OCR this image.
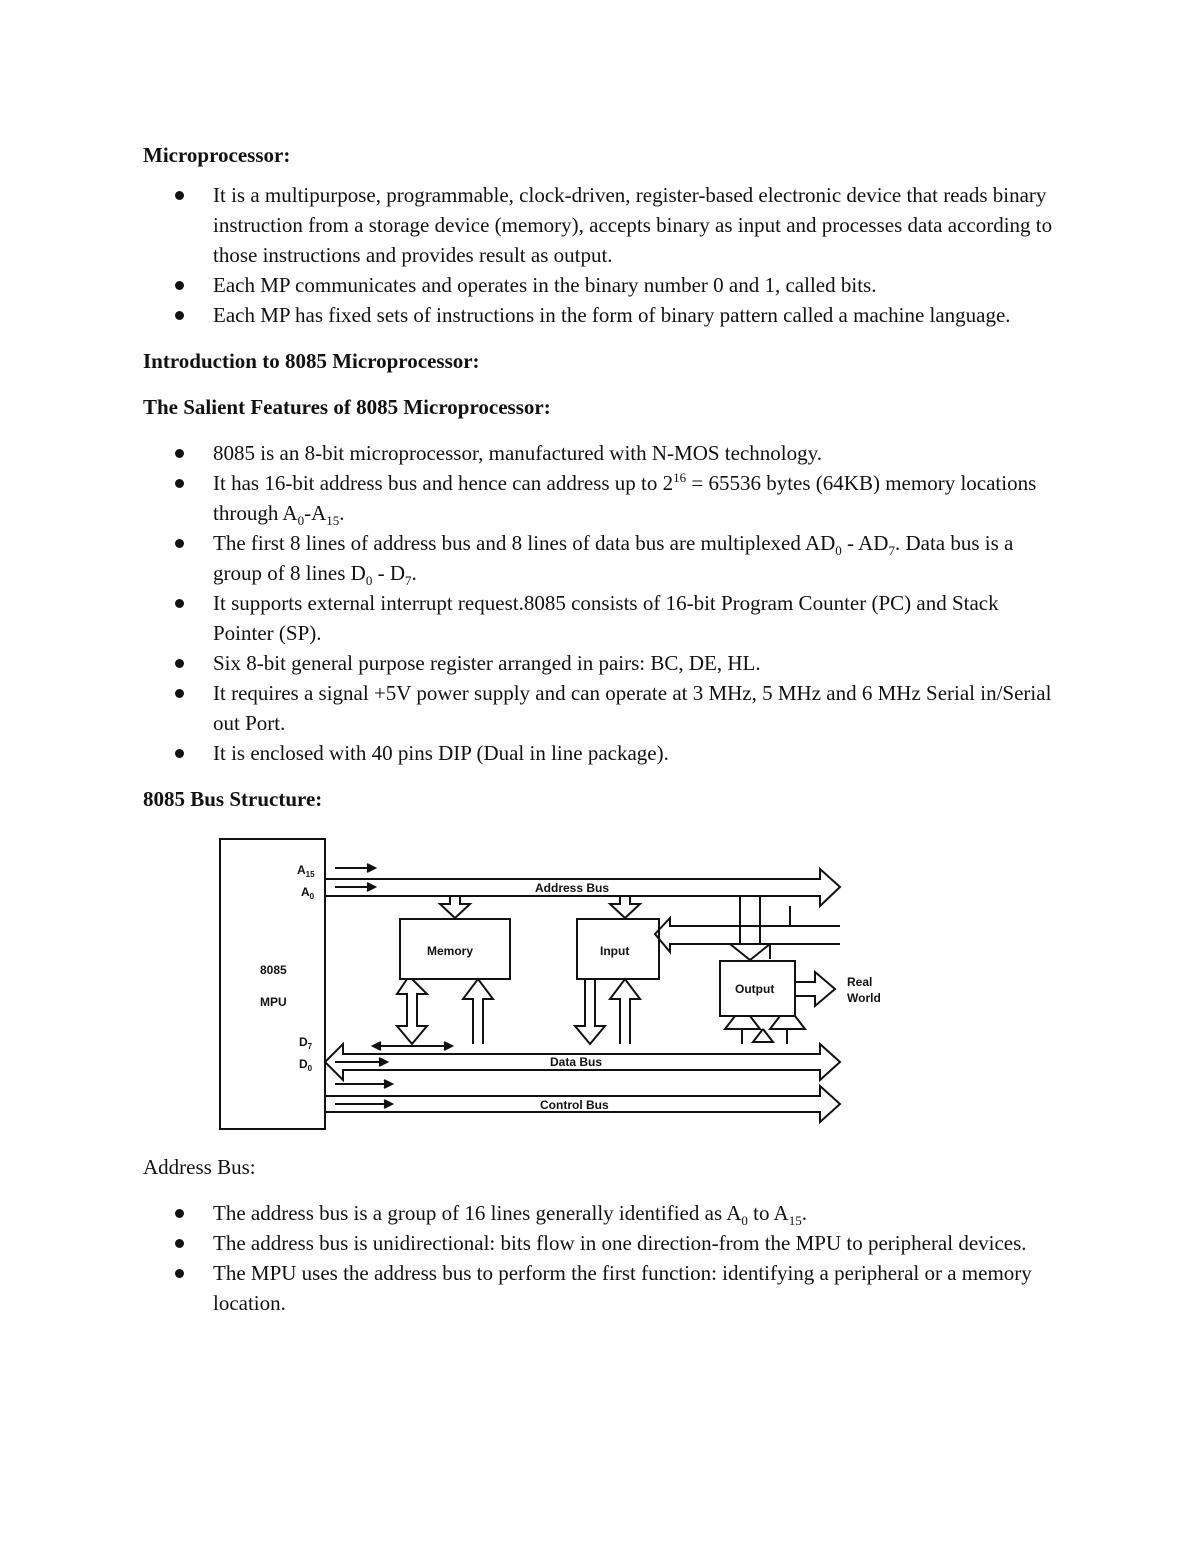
Microprocessor:

It is a multipurpose, programmable, clock-driven, register-based electronic device that reads binary instruction from a storage device (memory), accepts binary as input and processes data according to those instructions and provides result as output.
Each MP communicates and operates in the binary number 0 and 1, called bits.
Each MP has fixed sets of instructions in the form of binary pattern called a machine language.

Introduction to 8085 Microprocessor:

The Salient Features of 8085 Microprocessor:

8085 is an 8-bit microprocessor, manufactured with N-MOS technology.
It has 16-bit address bus and hence can address up to $2^{16} = 65536$ bytes (64KB) memory locations through $A_0-A_{15}$.
The first 8 lines of address bus and 8 lines of data bus are multiplexed $AD_0 - AD_7$. Data bus is a group of 8 lines $D_0 - D_7$.
It supports external interrupt request.8085 consists of 16-bit Program Counter (PC) and Stack Pointer (SP).
Six 8-bit general purpose register arranged in pairs: BC, DE, HL.
It requires a signal +5V power supply and can operate at 3 MHz, 5 MHz and 6 MHz Serial in/Serial out Port.
It is enclosed with 40 pins DIP (Dual in line package).

8085 Bus Structure:

8085
MPU
$A_{15}$
$A_0$
$D_7$
$D_0$
Address Bus
Memory	Input
Output	Real
World
Data Bus
Control Bus

Address Bus:

The address bus is a group of 16 lines generally identified as $A_0$ to $A_{15}$.
The address bus is unidirectional: bits flow in one direction-from the MPU to peripheral devices.
The MPU uses the address bus to perform the first function: identifying a peripheral or a memory location.
